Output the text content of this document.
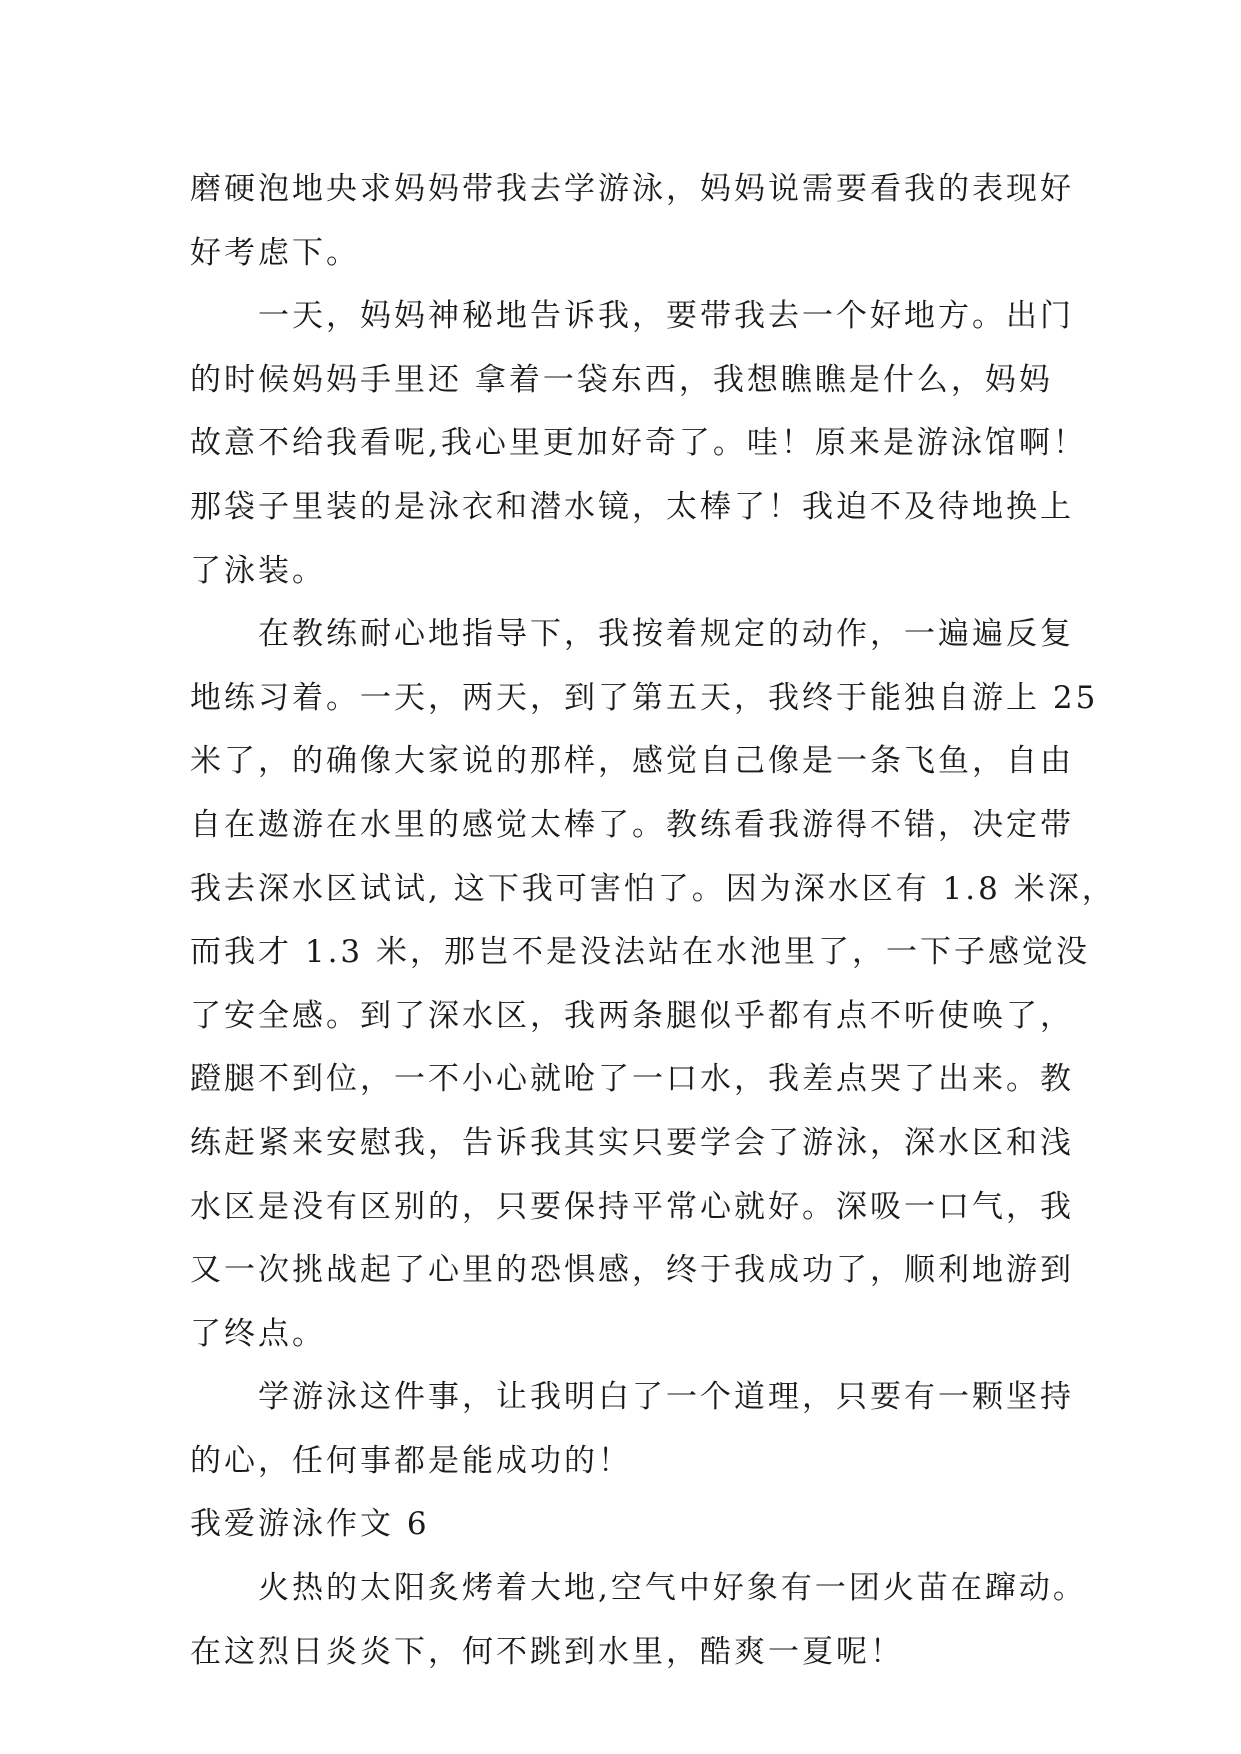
磨硬泡地央求妈妈带我去学游泳，妈妈说需要看我的表现好
好考虑下。
一天，妈妈神秘地告诉我，要带我去一个好地方。出门
的时候妈妈手里还 拿着一袋东西，我想瞧瞧是什么，妈妈
故意不给我看呢,我心里更加好奇了。哇！原来是游泳馆啊！
那袋子里装的是泳衣和潜水镜，太棒了！我迫不及待地换上
了泳装。
在教练耐心地指导下，我按着规定的动作，一遍遍反复
地练习着。一天，两天，到了第五天，我终于能独自游上 25
米了，的确像大家说的那样，感觉自己像是一条飞鱼，自由
自在遨游在水里的感觉太棒了。教练看我游得不错，决定带
我去深水区试试, 这下我可害怕了。因为深水区有 1.8 米深，
而我才 1.3 米，那岂不是没法站在水池里了，一下子感觉没
了安全感。到了深水区，我两条腿似乎都有点不听使唤了，
蹬腿不到位，一不小心就呛了一口水，我差点哭了出来。教
练赶紧来安慰我，告诉我其实只要学会了游泳，深水区和浅
水区是没有区别的，只要保持平常心就好。深吸一口气，我
又一次挑战起了心里的恐惧感，终于我成功了，顺利地游到
了终点。
学游泳这件事，让我明白了一个道理，只要有一颗坚持
的心，任何事都是能成功的！
我爱游泳作文 6
火热的太阳炙烤着大地,空气中好象有一团火苗在蹿动。
在这烈日炎炎下，何不跳到水里，酷爽一夏呢！
